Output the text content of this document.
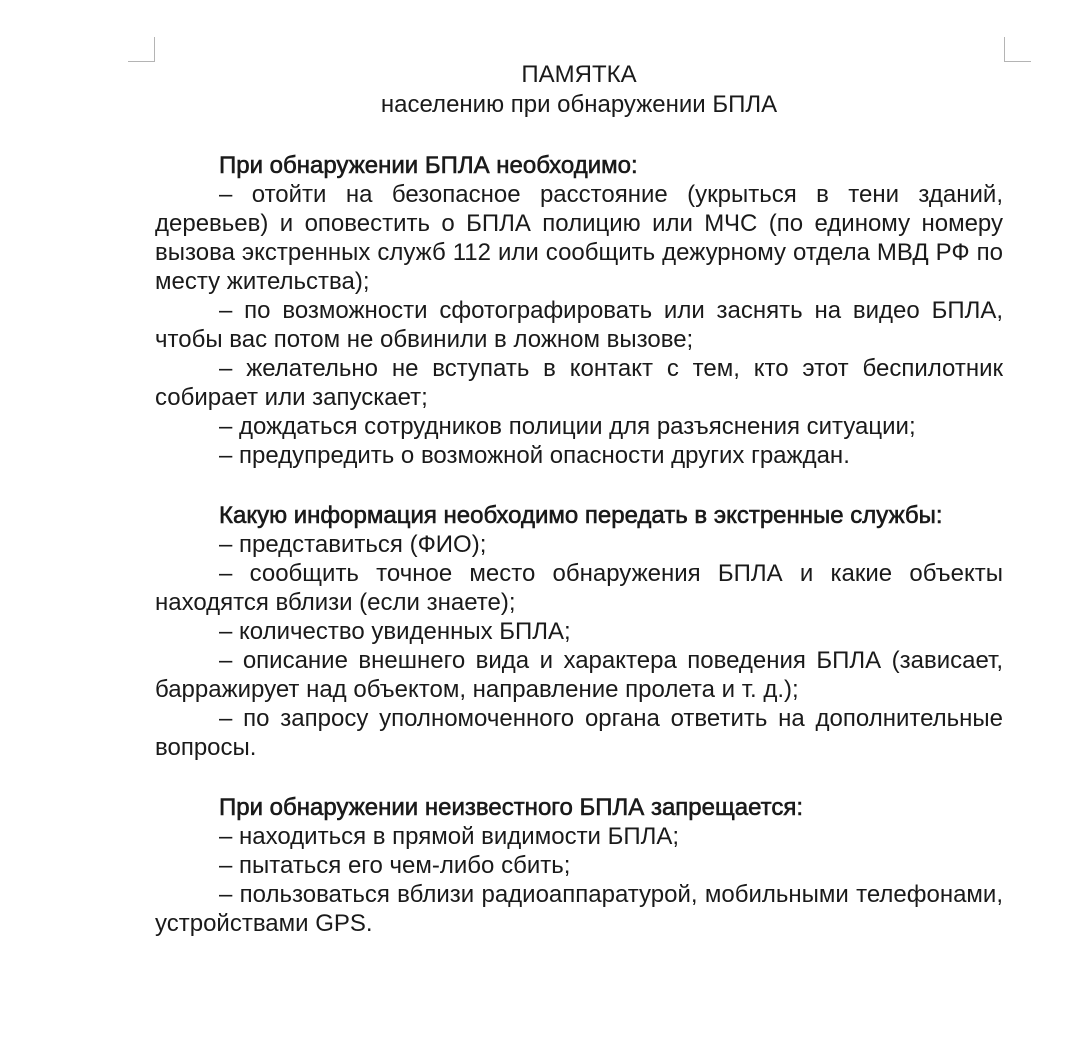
ПАМЯТКА

населению при обнаружении БПЛА

При обнаружении БПЛА необходимо:

– отойти на безопасное расстояние (укрыться в тени зданий, деревьев) и оповестить о БПЛА полицию или МЧС (по единому номеру вызова экстренных служб 112 или сообщить дежурному отдела МВД РФ по месту жительства);

– по возможности сфотографировать или заснять на видео БПЛА, чтобы вас потом не обвинили в ложном вызове;

– желательно не вступать в контакт с тем, кто этот беспилотник собирает или запускает;

– дождаться сотрудников полиции для разъяснения ситуации;

– предупредить о возможной опасности других граждан.

Какую информация необходимо передать в экстренные службы:

– представиться (ФИО);

– сообщить точное место обнаружения БПЛА и какие объекты находятся вблизи (если знаете);

– количество увиденных БПЛА;

– описание внешнего вида и характера поведения БПЛА (зависает, барражирует над объектом, направление пролета и т. д.);

– по запросу уполномоченного органа ответить на дополнительные вопросы.

При обнаружении неизвестного БПЛА запрещается:

– находиться в прямой видимости БПЛА;

– пытаться его чем-либо сбить;

– пользоваться вблизи радиоаппаратурой, мобильными телефонами, устройствами GPS.
